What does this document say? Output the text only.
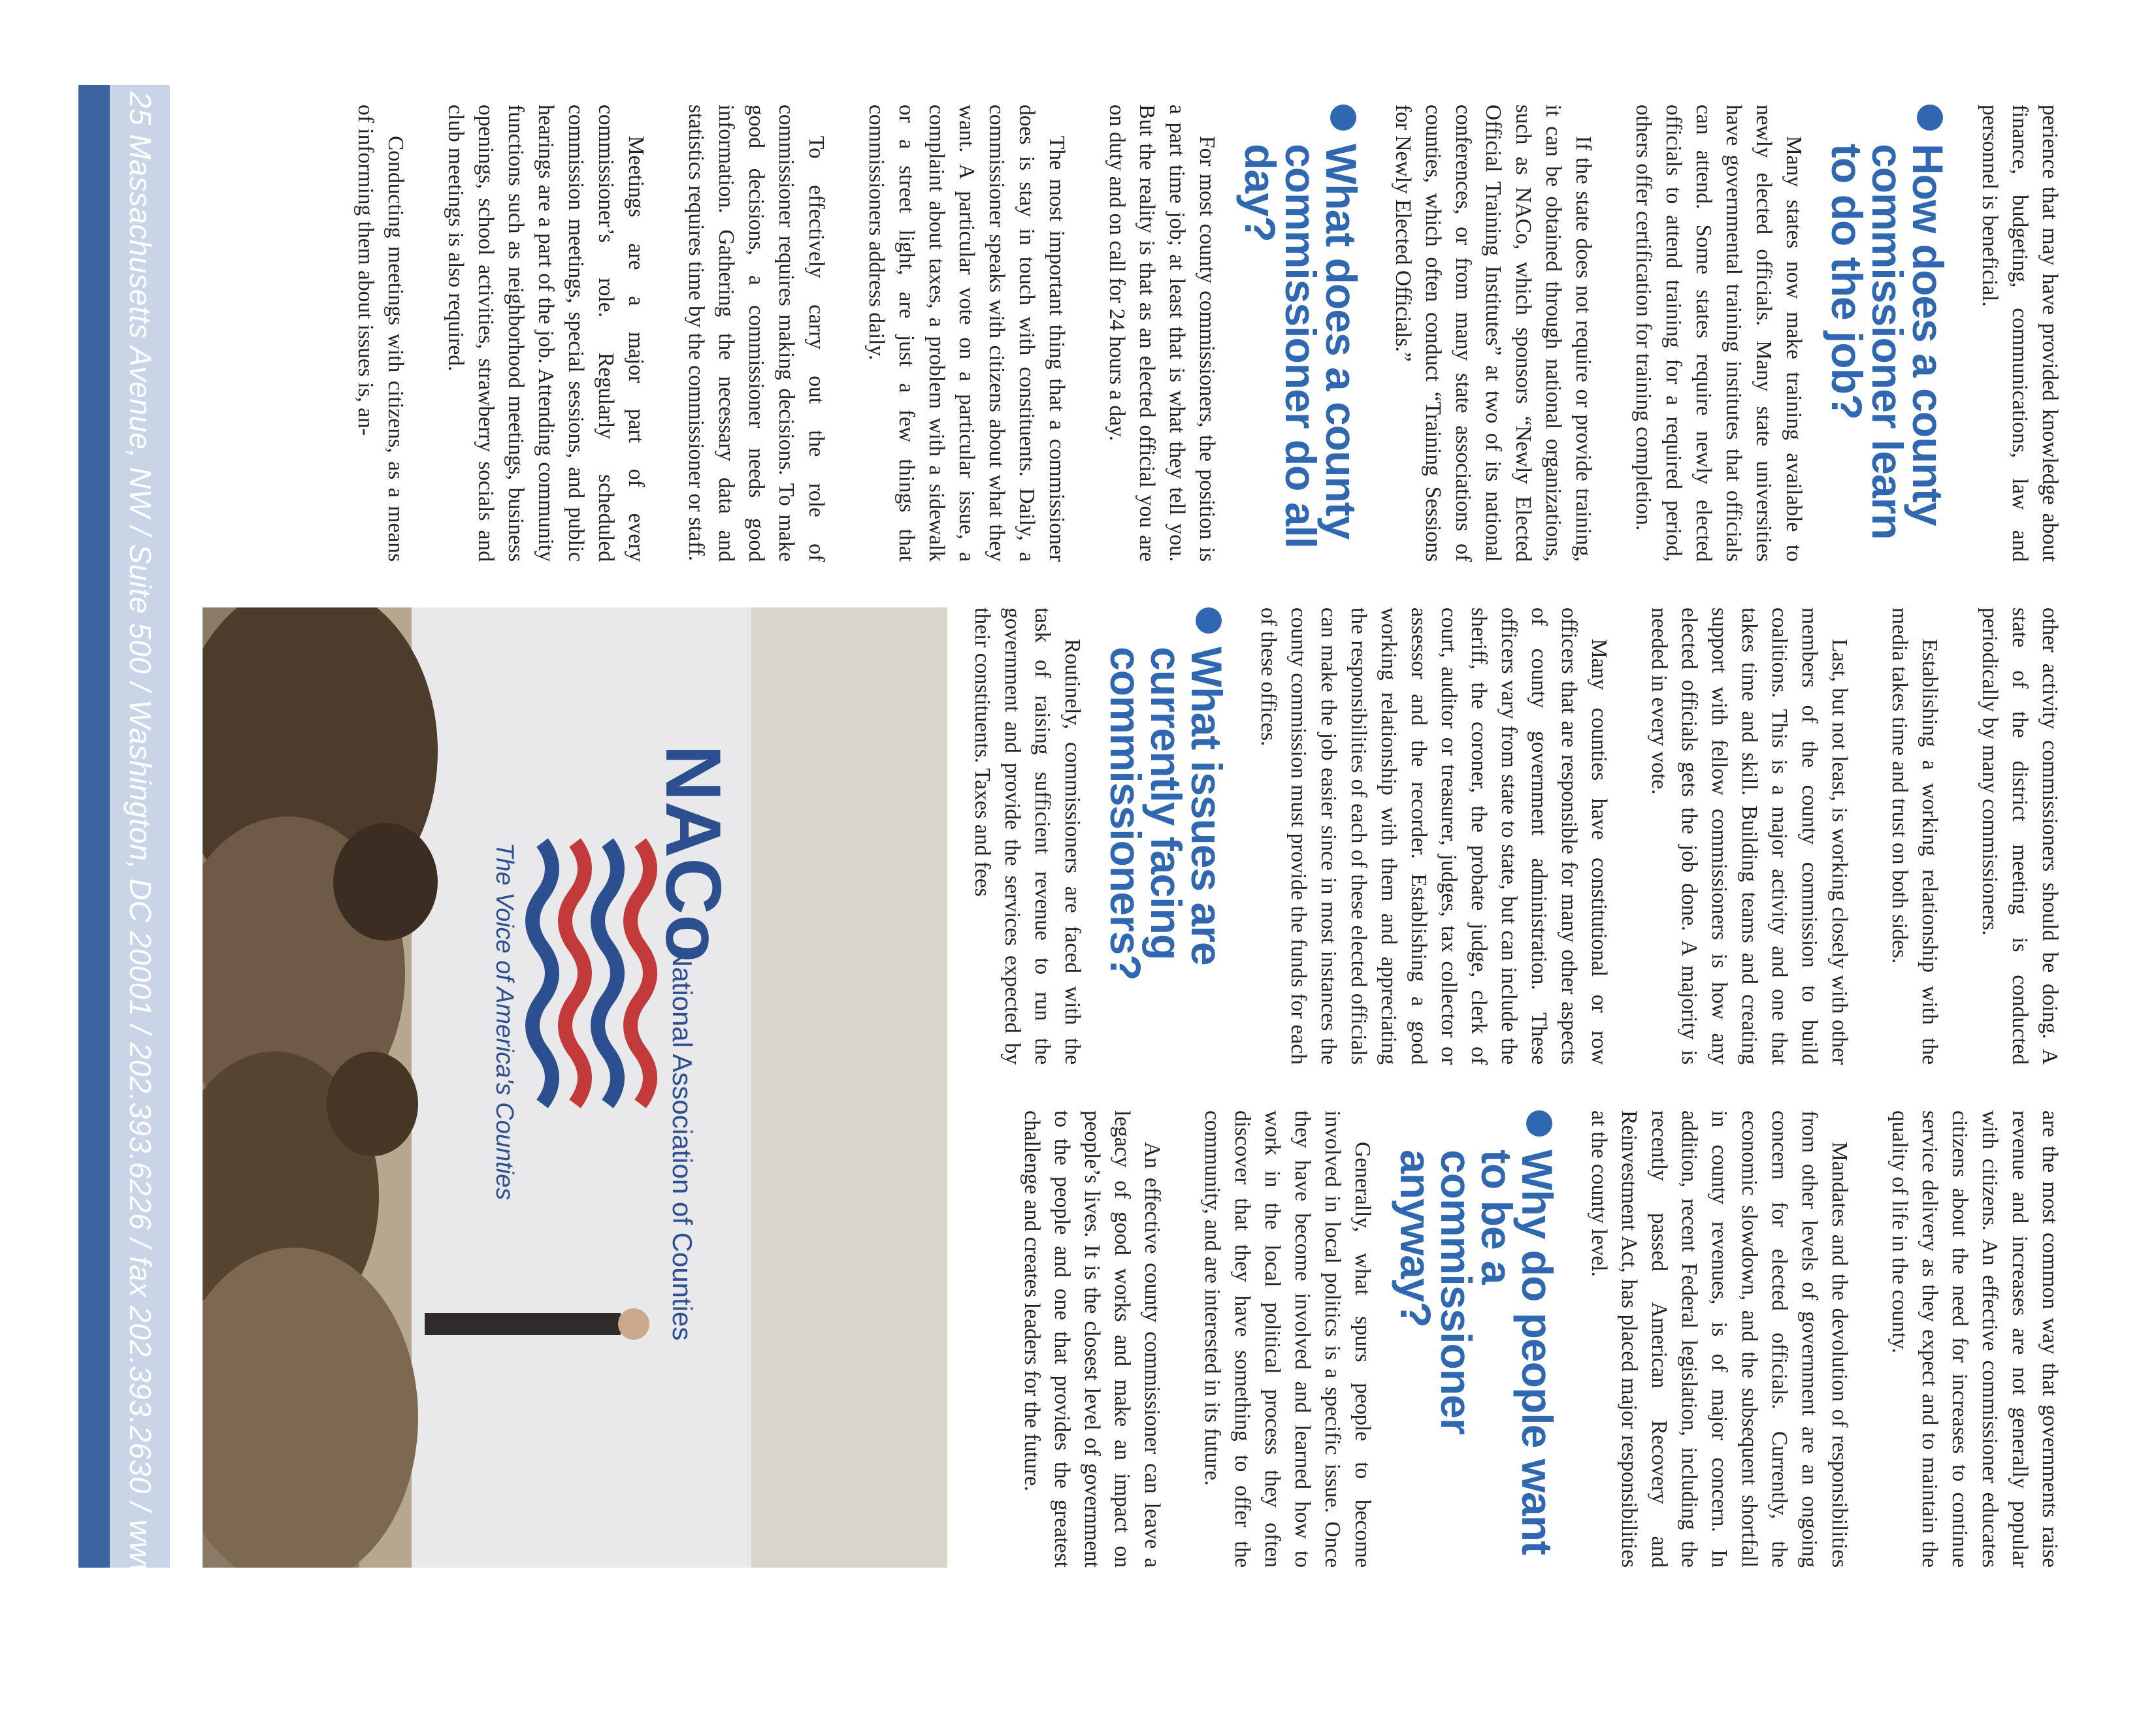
perience that may have provided knowledge about finance, budgeting, communications, law and personnel is beneficial.

How does a county commissioner learn to do the job?

Many states now make training available to newly elected officials. Many state universities have governmental training institutes that officials can attend. Some states require newly elected officials to attend training for a required period, others offer certification for training completion.

If the state does not require or provide training, it can be obtained through national organizations, such as NACo, which sponsors “Newly Elected Official Training Institutes” at two of its national conferences, or from many state associations of counties, which often conduct “Training Sessions for Newly Elected Officials.”

What does a county commissioner do all day?

For most county commissioners, the position is a part time job; at least that is what they tell you. But the reality is that as an elected official you are on duty and on call for 24 hours a day.

The most important thing that a commissioner does is stay in touch with constituents. Daily, a commissioner speaks with citizens about what they want. A particular vote on a particular issue, a complaint about taxes, a problem with a sidewalk or a street light, are just a few things that commissioners address daily.

To effectively carry out the role of commissioner requires making decisions. To make good decisions, a commissioner needs good information. Gathering the necessary data and statistics requires time by the commissioner or staff.

Meetings are a major part of every commissioner’s role. Regularly scheduled commission meetings, special sessions, and public hearings are a part of the job. Attending community functions such as neighborhood meetings, business openings, school activities, strawberry socials and club meetings is also required.

Conducting meetings with citizens, as a means of informing them about issues is, an-

other activity commissioners should be doing. A state of the district meeting is conducted periodically by many commissioners.

Establishing a working relationship with the media takes time and trust on both sides.

Last, but not least, is working closely with other members of the county commission to build coalitions. This is a major activity and one that takes time and skill. Building teams and creating support with fellow commissioners is how any elected officials gets the job done. A majority is needed in every vote.

Many counties have constitutional or row officers that are responsible for many other aspects of county government administration. These officers vary from state to state, but can include the sheriff, the coroner, the probate judge, clerk of court, auditor or treasurer, judges, tax collector or assessor and the recorder. Establishing a good working relationship with them and appreciating the responsibilities of each of these elected officials can make the job easier since in most instances the county commission must provide the funds for each of these offices.

What issues are currently facing commissioners?

Routinely, commissioners are faced with the task of raising sufficient revenue to run the government and provide the services expected by their constituents. Taxes and fees

are the most common way that governments raise revenue and increases are not generally popular with citizens. An effective commissioner educates citizens about the need for increases to continue service delivery as they expect and to maintain the quality of life in the county.

Mandates and the devolution of responsibilities from other levels of government are an ongoing concern for elected officials. Currently, the economic slowdown, and the subsequent shortfall in county revenues, is of major concern. In addition, recent Federal legislation, including the recently passed American Recovery and Reinvestment Act, has placed major responsibilities at the county level.

Why do people want to be a commissioner anyway?

Generally, what spurs people to become involved in local politics is a specific issue. Once they have become involved and learned how to work in the local political process they often discover that they have something to offer the community, and are interested in its future.

An effective county commissioner can leave a legacy of good works and make an impact on people’s lives. It is the closest level of government to the people and one that provides the greatest challenge and creates leaders for the future.

NACo
National Association of Counties
The Voice of America's Counties
25 Massachusetts Avenue, NW / Suite 500 / Washington, DC 20001 / 202.393.6226 / fax 202.393.2630 / www.naco.org
